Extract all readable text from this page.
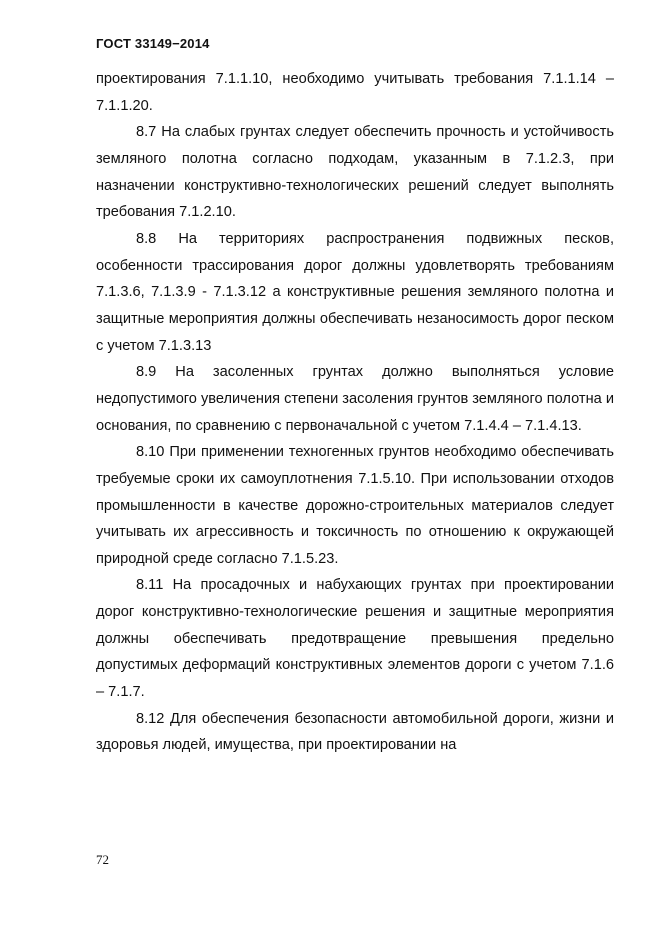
ГОСТ 33149−2014

проектирования 7.1.1.10, необходимо учитывать требования 7.1.1.14 – 7.1.1.20.

8.7 На слабых грунтах следует обеспечить прочность и устойчивость земляного полотна согласно подходам, указанным в 7.1.2.3, при назначении конструктивно-технологических решений следует выполнять требования 7.1.2.10.

8.8 На территориях распространения подвижных песков, особенности трассирования дорог должны удовлетворять требованиям 7.1.3.6, 7.1.3.9 - 7.1.3.12 а конструктивные решения земляного полотна и защитные мероприятия должны обеспечивать незаносимость дорог песком с учетом 7.1.3.13

8.9 На засоленных грунтах должно выполняться условие недопустимого увеличения степени засоления грунтов земляного полотна и основания, по сравнению с первоначальной с учетом 7.1.4.4 – 7.1.4.13.

8.10 При применении техногенных грунтов необходимо обеспечивать требуемые сроки их самоуплотнения 7.1.5.10. При использовании отходов промышленности в качестве дорожно-строительных материалов следует учитывать их агрессивность и токсичность по отношению к окружающей природной среде согласно 7.1.5.23.

8.11 На просадочных и набухающих грунтах при проектировании дорог конструктивно-технологические решения и защитные мероприятия должны обеспечивать предотвращение превышения предельно допустимых деформаций конструктивных элементов дороги с учетом 7.1.6 – 7.1.7.

8.12 Для обеспечения безопасности автомобильной дороги, жизни и здоровья людей, имущества, при проектировании на

72
